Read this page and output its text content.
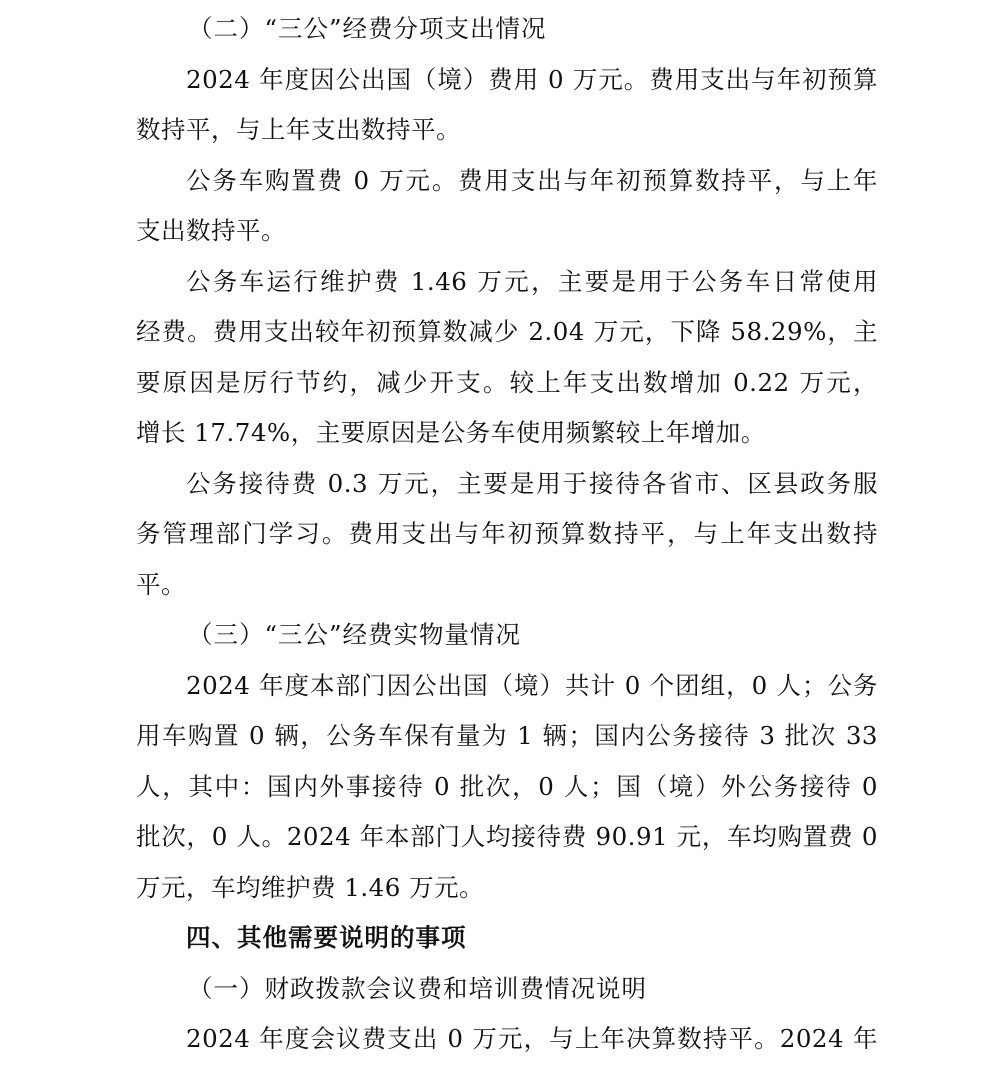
（二）“三公”经费分项支出情况
2024 年度因公出国（境）费用 0 万元。费用支出与年初预算
数持平，与上年支出数持平。
公务车购置费 0 万元。费用支出与年初预算数持平，与上年
支出数持平。
公务车运行维护费 1.46 万元，主要是用于公务车日常使用
经费。费用支出较年初预算数减少 2.04 万元，下降 58.29%，主
要原因是厉行节约，减少开支。较上年支出数增加 0.22 万元，
增长 17.74%，主要原因是公务车使用频繁较上年增加。
公务接待费 0.3 万元，主要是用于接待各省市、区县政务服
务管理部门学习。费用支出与年初预算数持平，与上年支出数持
平。
（三）“三公”经费实物量情况
2024 年度本部门因公出国（境）共计 0 个团组，0 人；公务
用车购置 0 辆，公务车保有量为 1 辆；国内公务接待 3 批次 33
人，其中：国内外事接待 0 批次，0 人；国（境）外公务接待 0
批次，0 人。2024 年本部门人均接待费 90.91 元，车均购置费 0
万元，车均维护费 1.46 万元。
四、其他需要说明的事项
（一）财政拨款会议费和培训费情况说明
2024 年度会议费支出 0 万元，与上年决算数持平。2024 年
